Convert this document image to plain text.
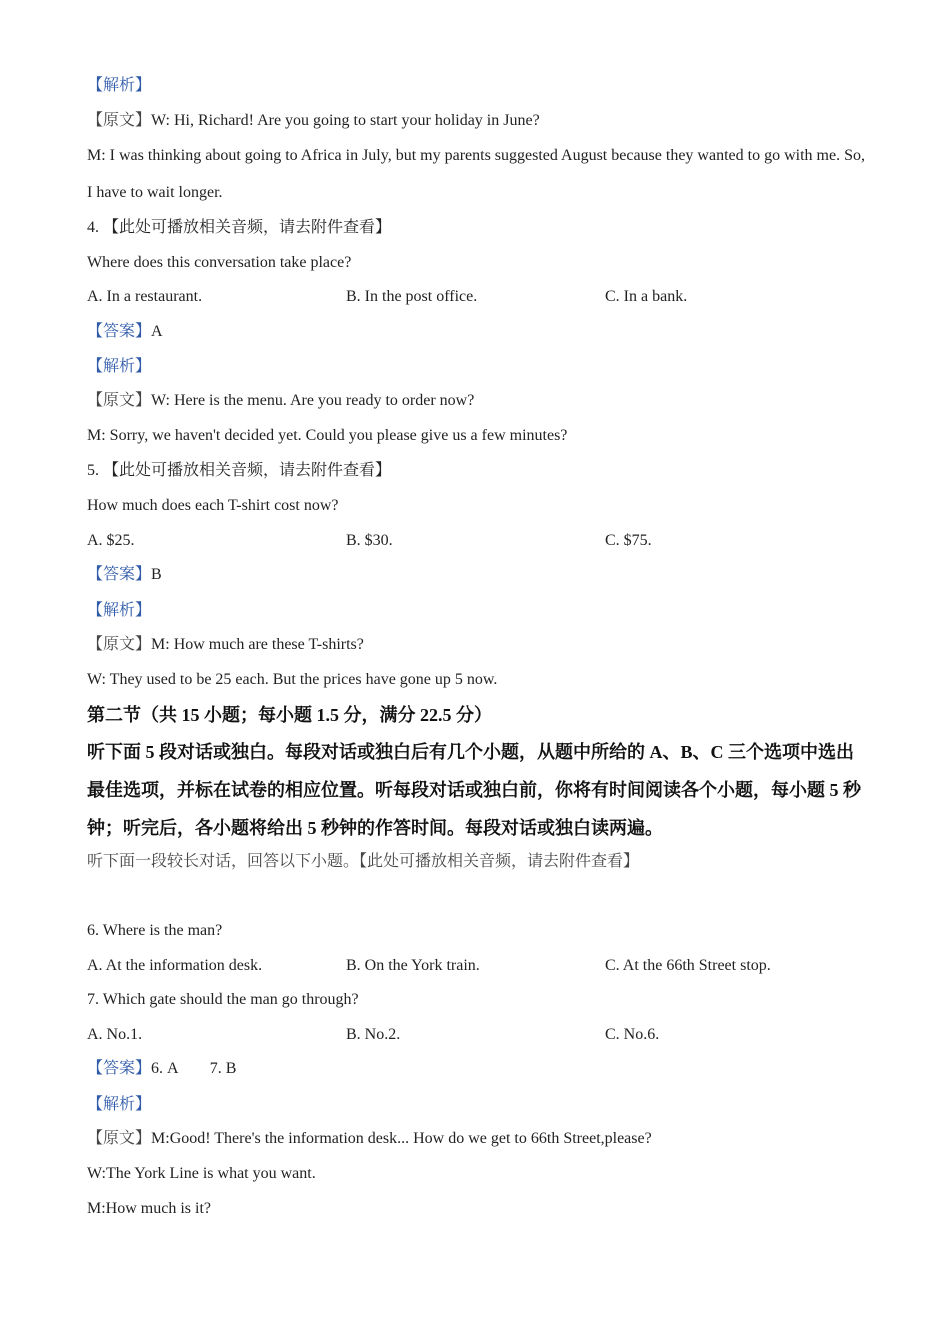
【解析】
【原文】W: Hi, Richard! Are you going to start your holiday in June?
M: I was thinking about going to Africa in July, but my parents suggested August because they wanted to go with me. So, I have to wait longer.
4. 【此处可播放相关音频，请去附件查看】
Where does this conversation take place?
A. In a restaurant.	B. In the post office.	C. In a bank.
【答案】A
【解析】
【原文】W: Here is the menu. Are you ready to order now?
M: Sorry, we haven't decided yet. Could you please give us a few minutes?
5. 【此处可播放相关音频，请去附件查看】
How much does each T-shirt cost now?
A. $25.	B. $30.	C. $75.
【答案】B
【解析】
【原文】M: How much are these T-shirts?
W: They used to be 25 each. But the prices have gone up 5 now.
第二节（共 15 小题；每小题 1.5 分，满分 22.5 分）
听下面 5 段对话或独白。每段对话或独白后有几个小题，从题中所给的 A、B、C 三个选项中选出最佳选项，并标在试卷的相应位置。听每段对话或独白前，你将有时间阅读各个小题，每小题 5 秒钟；听完后，各小题将给出 5 秒钟的作答时间。每段对话或独白读两遍。
听下面一段较长对话，回答以下小题。【此处可播放相关音频，请去附件查看】
6. Where is the man?
A. At the information desk.	B. On the York train.	C. At the 66th Street stop.
7. Which gate should the man go through?
A. No.1.	B. No.2.	C. No.6.
【答案】6. A        7. B
【解析】
【原文】M:Good! There's the information desk... How do we get to 66th Street,please?
W:The York Line is what you want.
M:How much is it?
